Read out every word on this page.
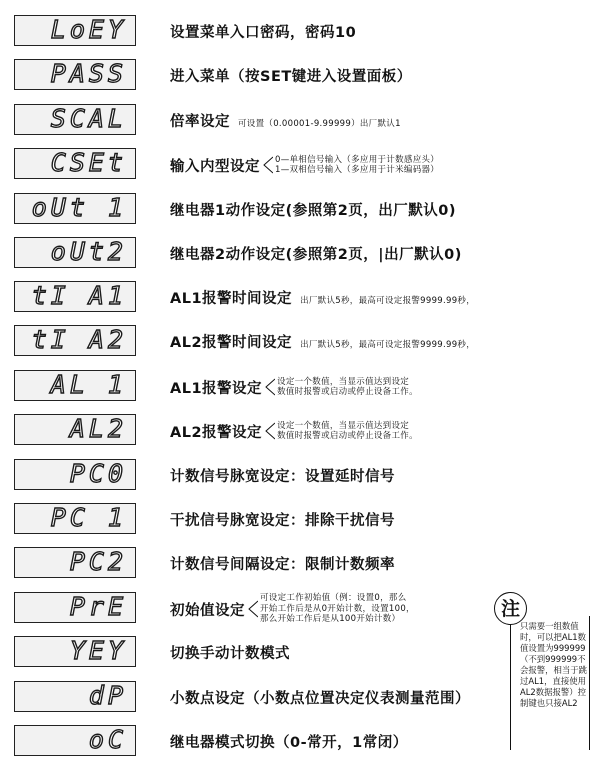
LoEY	设置菜单入口密码，密码10
PASS	进入菜单（按SET键进入设置面板）
SCAL	倍率设定 可设置（0.00001-9.99999）出厂默认1
CSEt	输入内型设定 0—单相信号输入（多应用于计数感应头）
1—双相信号输入（多应用于计米编码器）
oUt 1	继电器1动作设定(参照第2页，出厂默认0)
oUt2	继电器2动作设定(参照第2页，|出厂默认0)
tI A1	AL1报警时间设定 出厂默认5秒，最高可设定报警9999.99秒，
tI A2	AL2报警时间设定 出厂默认5秒，最高可设定报警9999.99秒，
AL 1	AL1报警设定 设定一个数值，当显示值达到设定
数值时报警或启动或停止设备工作。
AL2	AL2报警设定 设定一个数值，当显示值达到设定
数值时报警或启动或停止设备工作。
PC0	计数信号脉宽设定：设置延时信号
PC 1	干扰信号脉宽设定：排除干扰信号
PC2	计数信号间隔设定：限制计数频率
PrE	初始值设定
可设定工作初始值（例：设置0，那么
开始工作后是从0开始计数，设置100，
那么开始工作后是从100开始计数）
YEY	切换手动计数模式
dP	小数点设定（小数点位置决定仪表测量范围）
oC	继电器模式切换（0-常开，1常闭）
只需要一组数值时，可以把AL1数值设置为999999（不到999999不会报警，相当于跳过AL1，直接使用AL2数据报警）控制键也只接AL2
注
